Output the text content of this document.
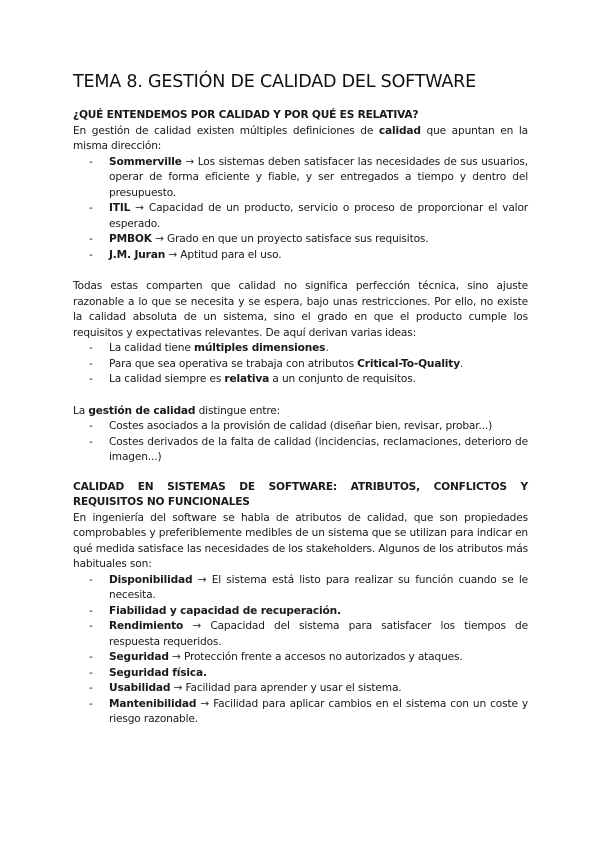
TEMA 8. GESTIÓN DE CALIDAD DEL SOFTWARE
¿QUÉ ENTENDEMOS POR CALIDAD Y POR QUÉ ES RELATIVA?

En gestión de calidad existen múltiples definiciones de calidad que apuntan en la misma dirección:

- Sommerville → Los sistemas deben satisfacer las necesidades de sus usuarios, operar de forma eficiente y fiable, y ser entregados a tiempo y dentro del presupuesto.
- ITIL → Capacidad de un producto, servicio o proceso de proporcionar el valor esperado.
- PMBOK → Grado en que un proyecto satisface sus requisitos.
- J.M. Juran → Aptitud para el uso.

Todas estas comparten que calidad no significa perfección técnica, sino ajuste razonable a lo que se necesita y se espera, bajo unas restricciones. Por ello, no existe la calidad absoluta de un sistema, sino el grado en que el producto cumple los requisitos y expectativas relevantes. De aquí derivan varias ideas:

- La calidad tiene múltiples dimensiones.
- Para que sea operativa se trabaja con atributos Critical-To-Quality.
- La calidad siempre es relativa a un conjunto de requisitos.

La gestión de calidad distingue entre:

- Costes asociados a la provisión de calidad (diseñar bien, revisar, probar...)
- Costes derivados de la falta de calidad (incidencias, reclamaciones, deterioro de imagen...)
CALIDAD EN SISTEMAS DE SOFTWARE: ATRIBUTOS, CONFLICTOS Y REQUISITOS NO FUNCIONALES

En ingeniería del software se habla de atributos de calidad, que son propiedades comprobables y preferiblemente medibles de un sistema que se utilizan para indicar en qué medida satisface las necesidades de los stakeholders. Algunos de los atributos más habituales son:

- Disponibilidad → El sistema está listo para realizar su función cuando se le necesita.
- Fiabilidad y capacidad de recuperación.
- Rendimiento → Capacidad del sistema para satisfacer los tiempos de respuesta requeridos.
- Seguridad → Protección frente a accesos no autorizados y ataques.
- Seguridad física.
- Usabilidad → Facilidad para aprender y usar el sistema.
- Mantenibilidad → Facilidad para aplicar cambios en el sistema con un coste y riesgo razonable.
